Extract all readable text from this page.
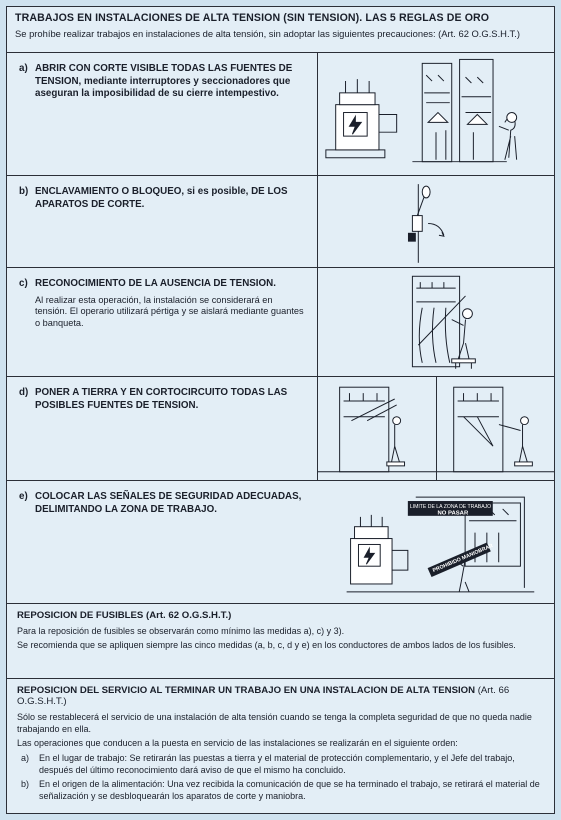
TRABAJOS EN INSTALACIONES DE ALTA TENSION (SIN TENSION). LAS 5 REGLAS DE ORO
Se prohíbe realizar trabajos en instalaciones de alta tensión, sin adoptar las siguientes precauciones: (Art. 62 O.G.S.H.T.)
a) ABRIR CON CORTE VISIBLE TODAS LAS FUENTES DE TENSION, mediante interruptores y seccionadores que aseguran la imposibilidad de su cierre intempestivo.
b) ENCLAVAMIENTO O BLOQUEO, si es posible, DE LOS APARATOS DE CORTE.
c) RECONOCIMIENTO DE LA AUSENCIA DE TENSION.
Al realizar esta operación, la instalación se considerará en tensión. El operario utilizará pértiga y se aislará mediante guantes o banqueta.
d) PONER A TIERRA Y EN CORTOCIRCUITO TODAS LAS POSIBLES FUENTES DE TENSION.
e) COLOCAR LAS SEÑALES DE SEGURIDAD ADECUADAS, DELIMITANDO LA ZONA DE TRABAJO.	LIMITE DE LA ZONA DE TRABAJO
NO PASAR
PROHIBIDO MANIOBRAR
REPOSICION DE FUSIBLES (Art. 62 O.G.S.H.T.)

Para la reposición de fusibles se observarán como mínimo las medidas a), c) y 3).

Se recomienda que se apliquen siempre las cinco medidas (a, b, c, d y e) en los conductores de ambos lados de los fusibles.

REPOSICION DEL SERVICIO AL TERMINAR UN TRABAJO EN UNA INSTALACION DE ALTA TENSION (Art. 66 O.G.S.H.T.)

Sólo se restablecerá el servicio de una instalación de alta tensión cuando se tenga la completa seguridad de que no queda nadie trabajando en ella.

Las operaciones que conducen a la puesta en servicio de las instalaciones se realizarán en el siguiente orden:

a)	En el lugar de trabajo: Se retirarán las puestas a tierra y el material de protección complementario, y el Jefe del trabajo, después del último reconocimiento dará aviso de que el mismo ha concluido.
b)	En el origen de la alimentación: Una vez recibida la comunicación de que se ha terminado el trabajo, se retirará el material de señalización y se desbloquearán los aparatos de corte y maniobra.
